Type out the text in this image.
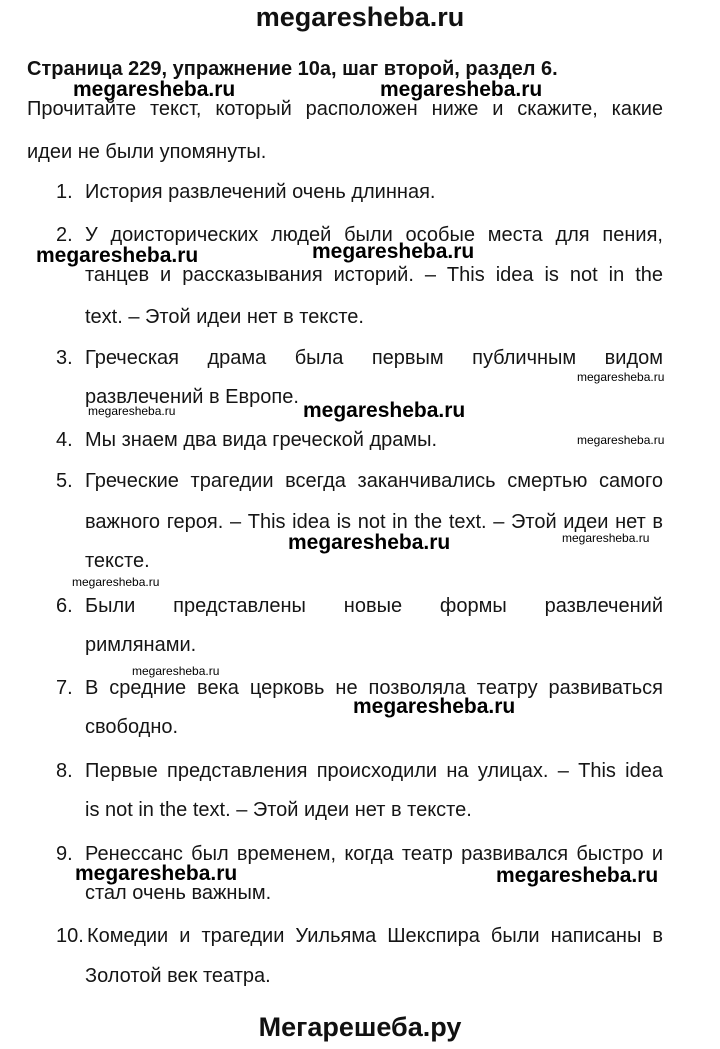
megaresheba.ru
Страница 229, упражнение 10а, шаг второй, раздел 6.
Прочитайте текст, который расположен ниже и скажите, какие
идеи не были упомянуты.
1. История развлечений очень длинная.
2. У доисторических людей были особые места для пения,
танцев и рассказывания историй. – This idea is not in the
text. – Этой идеи нет в тексте.
3. Греческая драма была первым публичным видом
развлечений в Европе.
4. Мы знаем два вида греческой драмы.
5. Греческие трагедии всегда заканчивались смертью самого
важного героя. – This idea is not in the text. – Этой идеи нет в
тексте.
6. Были представлены новые формы развлечений
римлянами.
7. В средние века церковь не позволяла театру развиваться
свободно.
8. Первые представления происходили на улицах. – This idea
is not in the text. – Этой идеи нет в тексте.
9. Ренессанс был временем, когда театр развивался быстро и
стал очень важным.
10. Комедии и трагедии Уильяма Шекспира были написаны в
Золотой век театра.
megaresheba.ru	megaresheba.ru
megaresheba.ru	megaresheba.ru
megaresheba.ru
megaresheba.ru	megaresheba.ru
megaresheba.ru
megaresheba.ru
megaresheba.ru
megaresheba.ru
megaresheba.ru
megaresheba.ru
megaresheba.ru	megaresheba.ru
Мегарешеба.ру
